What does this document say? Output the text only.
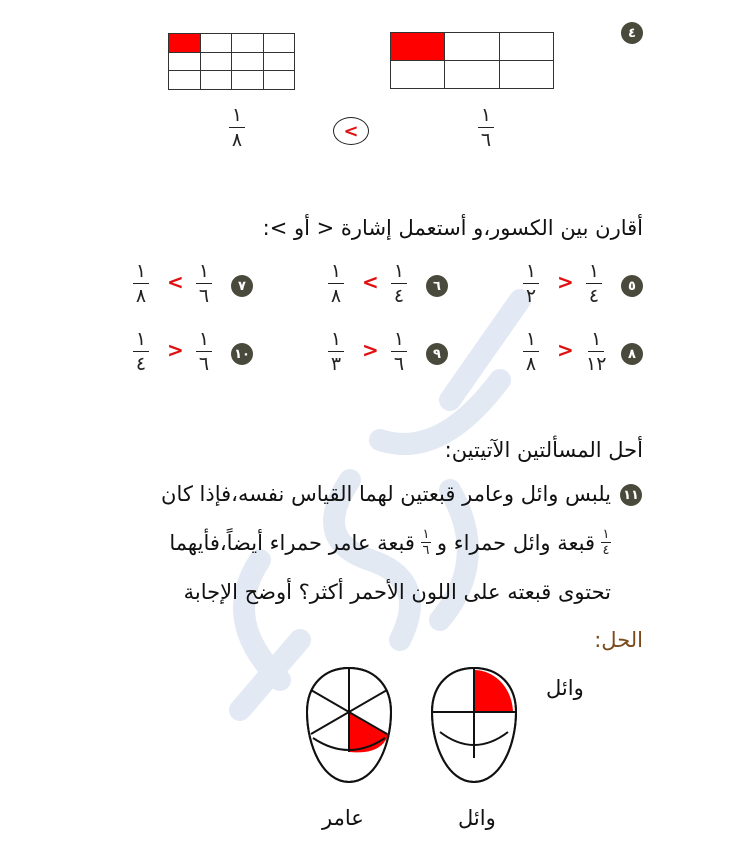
٤

١
٨	<
١
٦
أقارن بين الكسور،و أستعمل إشارة < أو >:
٥
١
٤
>
١
٢
٦
١
٤
<
١
٨
٧
١
٦
<
١
٨
٨
١
١٢
>
١
٨
٩
١
٦
>
١
٣
١٠
١
٦
>
١
٤
أحل المسألتين الآتيتين:
١١
يلبس وائل وعامر قبعتين لهما القياس نفسه،فإذا كان
$\frac{١}{٤}$
قبعة وائل حمراء و
$\frac{١}{٦}$
قبعة عامر حمراء أيضاً،فأيهما
تحتوى قبعته على اللون الأحمر أكثر؟ أوضح الإجابة
الحل:
وائل
وائل
عامر
